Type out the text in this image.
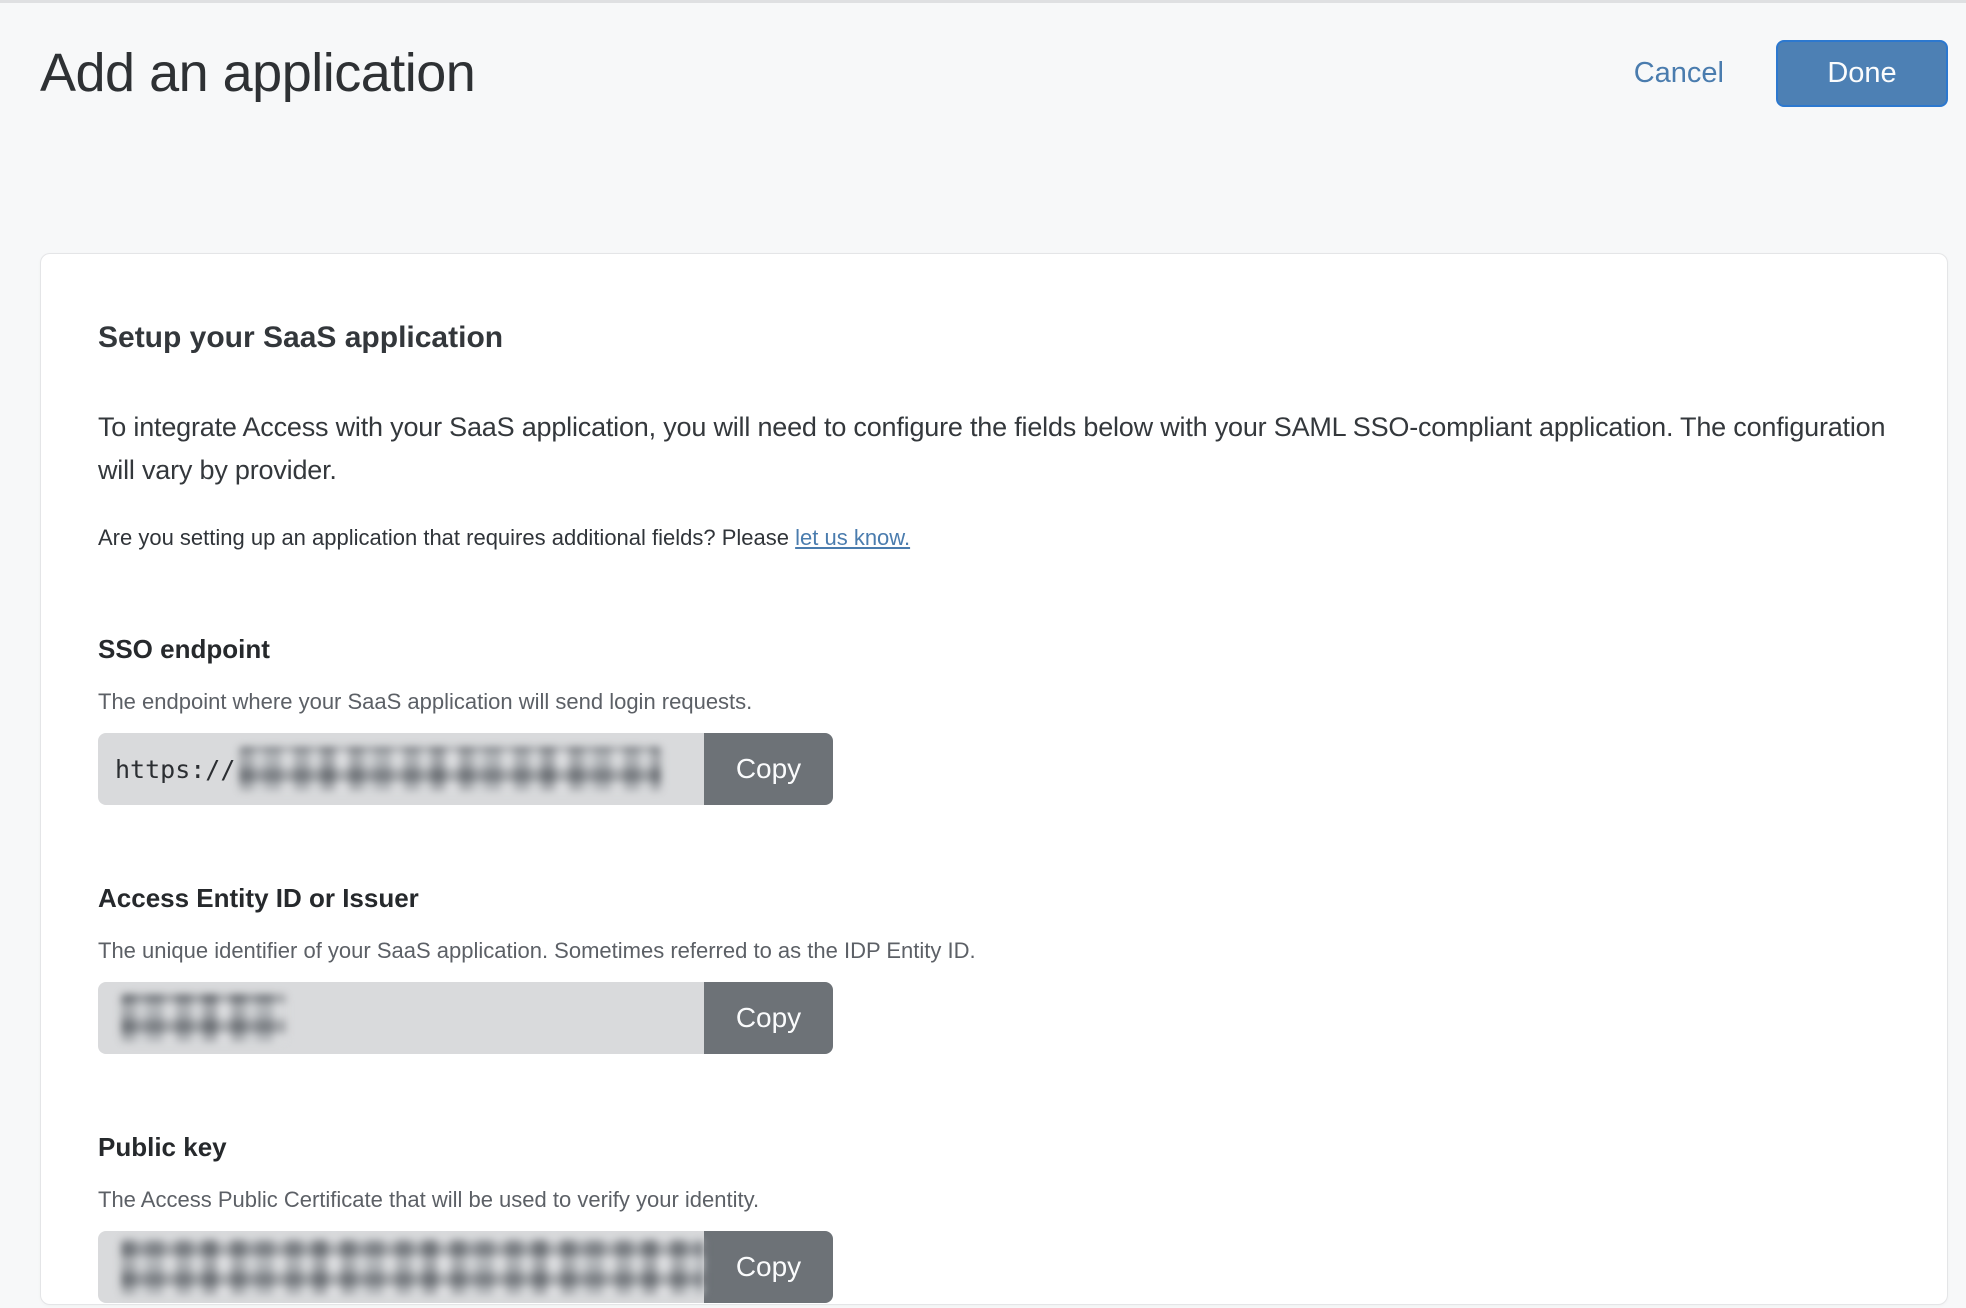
Add an application	Cancel	Done
Setup your SaaS application

To integrate Access with your SaaS application, you will need to configure the fields below with your SAML SSO-compliant application. The configuration will vary by provider.

Are you setting up an application that requires additional fields? Please let us know.

SSO endpoint

The endpoint where your SaaS application will send login requests.

https://	Copy
Access Entity ID or Issuer

The unique identifier of your SaaS application. Sometimes referred to as the IDP Entity ID.

Copy
Public key

The Access Public Certificate that will be used to verify your identity.

Copy
